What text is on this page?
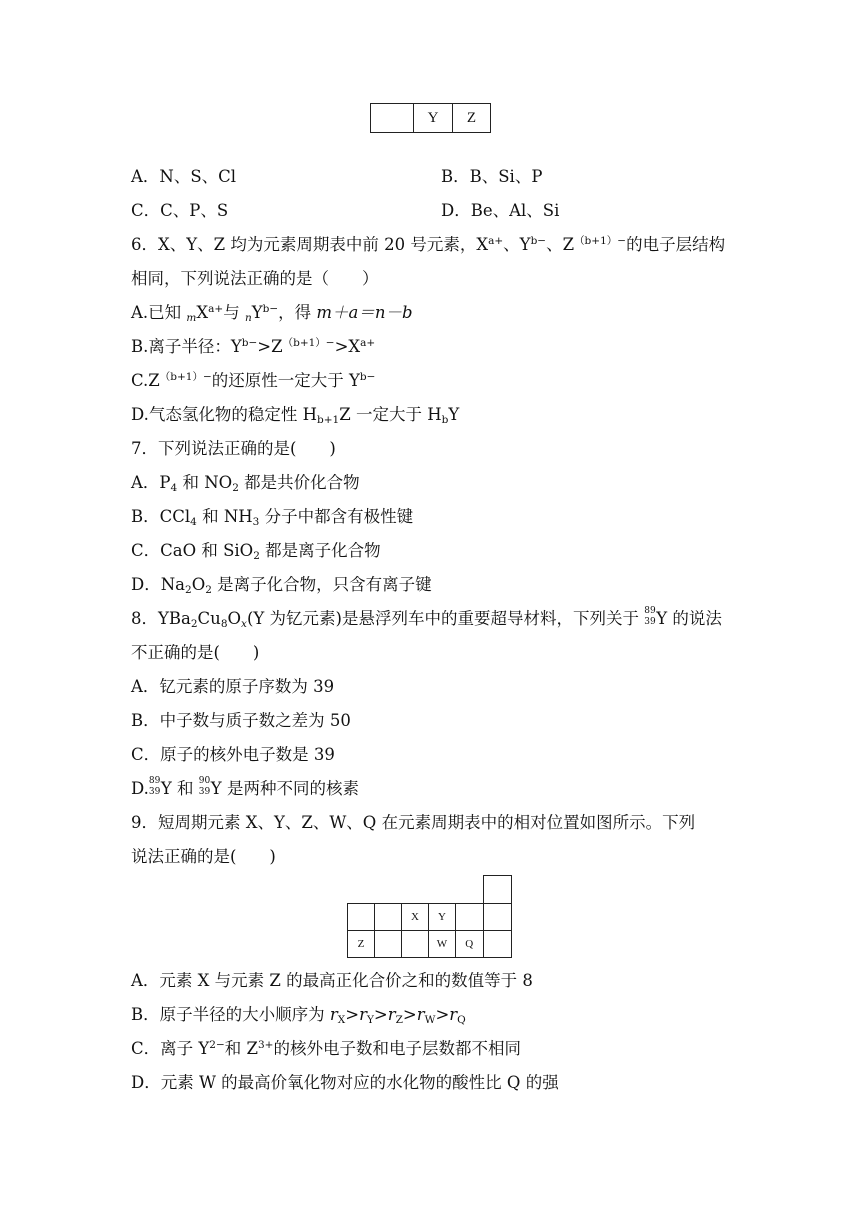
	Y	Z
A．N、S、Cl	B．B、Si、P
C．C、P、S	D．Be、Al、Si
6．X、Y、Z 均为元素周期表中前 20 号元素，$X^{a+}$、$Y^{b-}$、$Z^{(b+1)-}$的电子层结构
相同，下列说法正确的是（　　）
A.已知 $_mX^{a+}$与 $_nY^{b-}$，得 m＋a＝n－b
B.离子半径：$Y^{b-}>Z^{(b+1)-}>X^{a+}$
$C.Z^{(b+1)-}$的还原性一定大于 $Y^{b-}$
D.气态氢化物的稳定性 $H_{b+1}Z$ 一定大于 $H_bY$
7．下列说法正确的是(　　)
A．$P_4$ 和 $NO_2$ 都是共价化合物
B．CCl$_4$ 和 $NH_3$ 分子中都含有极性键
C．CaO 和 SiO$_2$ 都是离子化合物
D．$Na_2O_2$ 是离子化合物，只含有离子键
8．$YBa_2Cu_8O_x(Y$ 为钇元素)是悬浮列车中的重要超导材料，下列关于 89
39 Y 的说法
不正确的是(　　)
A．钇元素的原子序数为 39
B．中子数与质子数之差为 50
C．原子的核外电子数是 39
D. 89
39 Y 和 90
39 Y 是两种不同的核素
9．短周期元素 X、Y、Z、W、Q 在元素周期表中的相对位置如图所示。下列
说法正确的是(　　)

		X	Y		
Z			W	Q	
A．元素 X 与元素 Z 的最高正化合价之和的数值等于 8
B．原子半径的大小顺序为 $r_X>r_Y>r_Z>r_W>r_Q$
C．离子 $Y^{2-}$和 $Z^{3+}$的核外电子数和电子层数都不相同
D．元素 W 的最高价氧化物对应的水化物的酸性比 Q 的强
